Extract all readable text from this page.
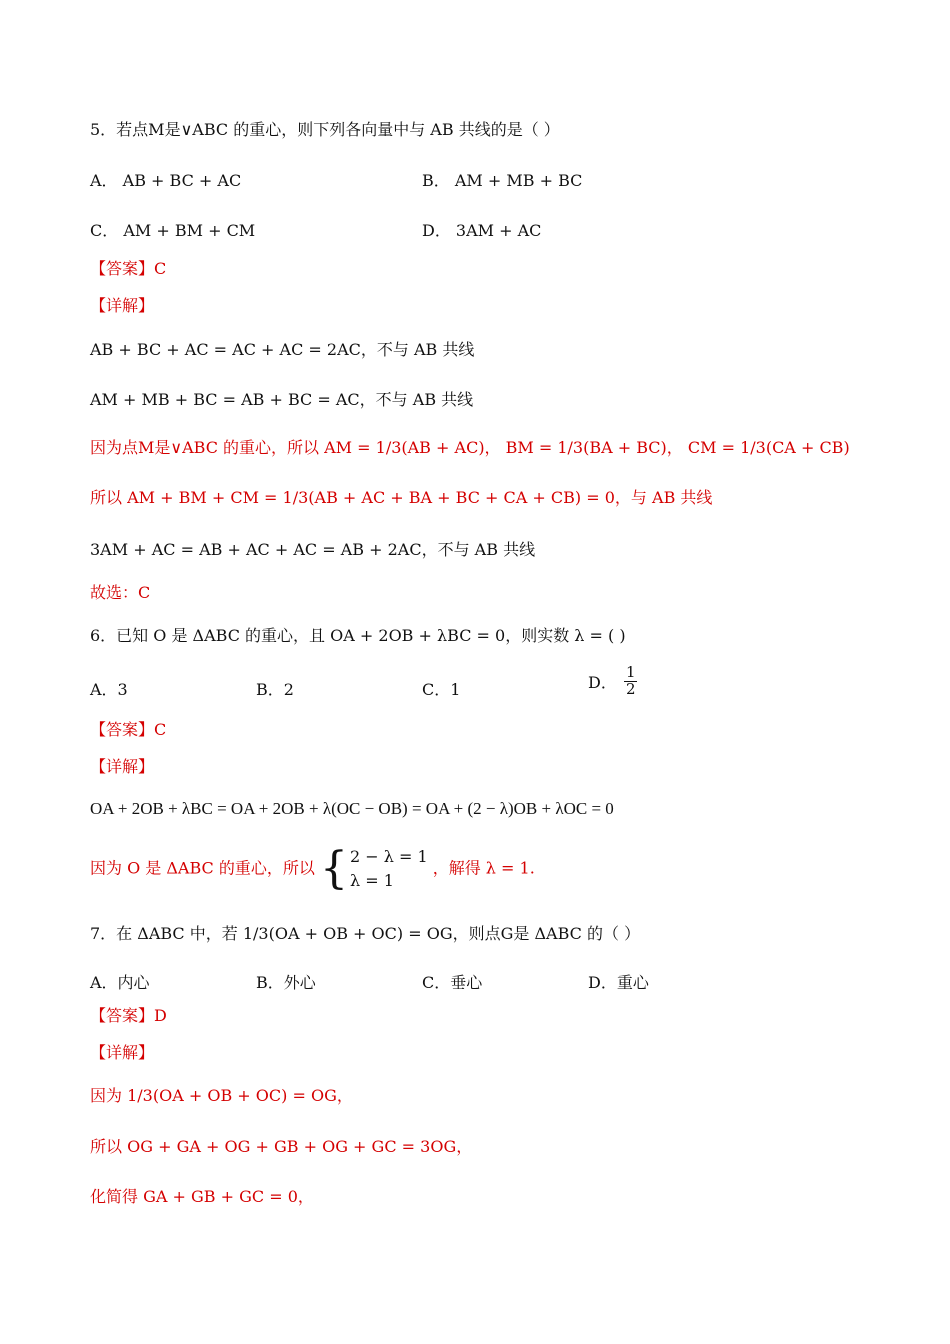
5．若点M是∨ABC 的重心，则下列各向量中与 AB 共线的是（ ）
A． AB + BC + AC	B． AM + MB + BC
C． AM + BM + CM	D． 3AM + AC
【答案】C
【详解】
AB + BC + AC = AC + AC = 2AC，不与 AB 共线
AM + MB + BC = AB + BC = AC，不与 AB 共线
因为点M是∨ABC 的重心，所以 AM = 1/3(AB + AC)， BM = 1/3(BA + BC)， CM = 1/3(CA + CB)
所以 AM + BM + CM = 1/3(AB + AC + BA + BC + CA + CB) = 0，与 AB 共线
3AM + AC = AB + AC + AC = AB + 2AC，不与 AB 共线
故选：C
6．已知 O 是 ΔABC 的重心，且 OA + 2OB + λBC = 0，则实数 λ = ( )
A．3	B．2	C．1	D． $\frac{1}{2}$
【答案】C
【详解】
OA + 2OB + λBC = OA + 2OB + λ(OC − OB) = OA + (2 − λ)OB + λOC = 0
因为 O 是 ΔABC 的重心，所以 { 2 − λ = 1
λ = 1
，解得 λ = 1.
7．在 ΔABC 中，若 1/3(OA + OB + OC) = OG，则点G是 ΔABC 的（ ）
A．内心	B．外心	C．垂心	D．重心
【答案】D
【详解】
因为 1/3(OA + OB + OC) = OG，
所以 OG + GA + OG + GB + OG + GC = 3OG，
化简得 GA + GB + GC = 0，
